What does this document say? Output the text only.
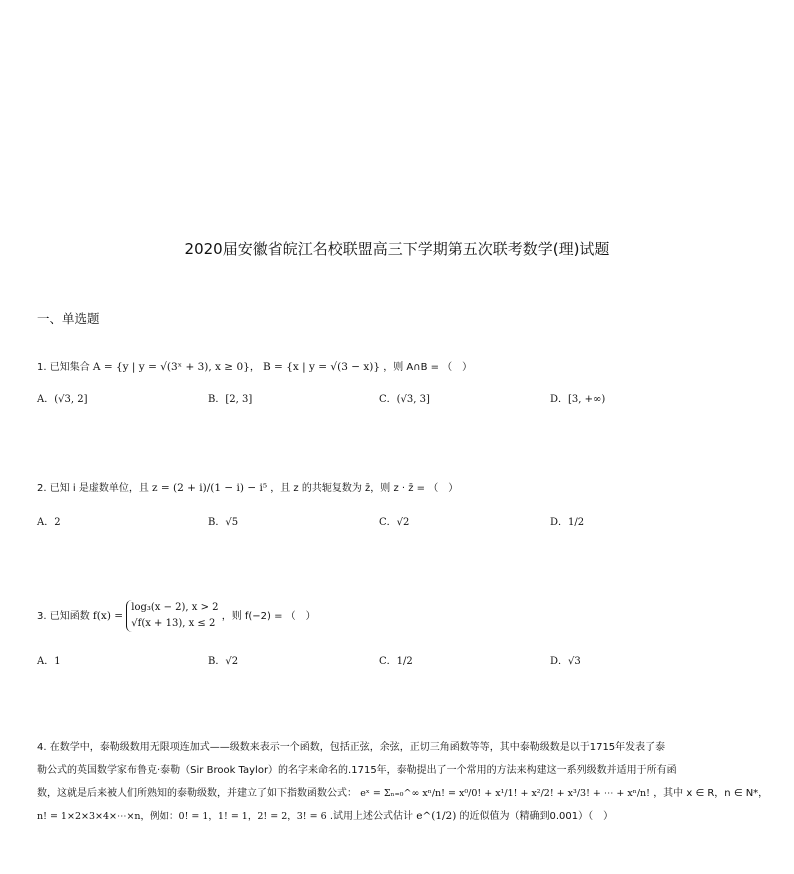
2020届安徽省皖江名校联盟高三下学期第五次联考数学(理)试题
一、单选题
1. 已知集合 A = {y | y = √(3ˣ + 3), x ≥ 0}， B = {x | y = √(3 − x)} ，则 A∩B = （　）
A．(√3, 2]	B．[2, 3]	C．(√3, 3]	D．[3, +∞)
2. 已知 i 是虚数单位，且 z = (2 + i)/(1 − i) − i⁵ ，且 z 的共轭复数为 z̄，则 z · z̄ = （　）
A．2	B．√5	C．√2	D．1/2
3. 已知函数 f(x) = log₃(x − 2), x > 2
√f(x + 13), x ≤ 2 ，则 f(−2) = （　）
A．1	B．√2	C．1/2	D．√3
4. 在数学中，泰勒级数用无限项连加式——级数来表示一个函数，包括正弦，余弦，正切三角函数等等，其中泰勒级数是以于1715年发表了泰
勒公式的英国数学家布鲁克·泰勒（Sir Brook Taylor）的名字来命名的.1715年，泰勒提出了一个常用的方法来构建这一系列级数并适用于所有函
数，这就是后来被人们所熟知的泰勒级数，并建立了如下指数函数公式： eˣ = Σₙ₌₀^∞ xⁿ/n! = x⁰/0! + x¹/1! + x²/2! + x³/3! + ⋯ + xⁿ/n! ，其中 x ∈ R，n ∈ N*，
n! = 1×2×3×4×⋯×n，例如：0! = 1，1! = 1，2! = 2，3! = 6 .试用上述公式估计 e^(1/2) 的近似值为（精确到0.001）（　）
